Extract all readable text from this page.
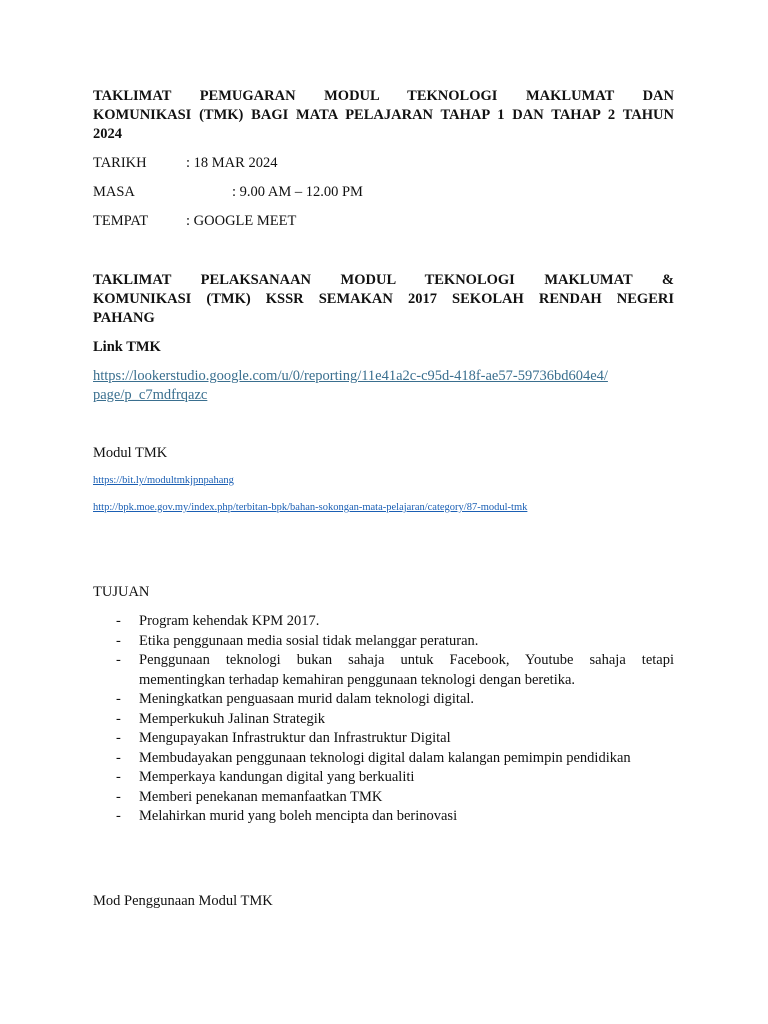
TAKLIMAT PEMUGARAN MODUL TEKNOLOGI MAKLUMAT DAN
KOMUNIKASI (TMK) BAGI MATA PELAJARAN TAHAP 1 DAN TAHAP 2 TAHUN
2024
TARIKH	: 18 MAR 2024
MASA	: 9.00 AM – 12.00 PM
TEMPAT	: GOOGLE MEET
TAKLIMAT PELAKSANAAN MODUL TEKNOLOGI MAKLUMAT &
KOMUNIKASI (TMK) KSSR SEMAKAN 2017 SEKOLAH RENDAH NEGERI
PAHANG
Link TMK
https://lookerstudio.google.com/u/0/reporting/11e41a2c-c95d-418f-ae57-59736bd604e4/
page/p_c7mdfrqazc
Modul TMK
https://bit.ly/modultmkjpnpahang
http://bpk.moe.gov.my/index.php/terbitan-bpk/bahan-sokongan-mata-pelajaran/category/87-modul-tmk
TUJUAN
- Program kehendak KPM 2017.
- Etika penggunaan media sosial tidak melanggar peraturan.
- Penggunaan teknologi bukan sahaja untuk Facebook, Youtube sahaja tetapi
mementingkan terhadap kemahiran penggunaan teknologi dengan beretika.
- Meningkatkan penguasaan murid dalam teknologi digital.
- Memperkukuh Jalinan Strategik
- Mengupayakan Infrastruktur dan Infrastruktur Digital
- Membudayakan penggunaan teknologi digital dalam kalangan pemimpin pendidikan
- Memperkaya kandungan digital yang berkualiti
- Memberi penekanan memanfaatkan TMK
- Melahirkan murid yang boleh mencipta dan berinovasi
Mod Penggunaan Modul TMK
